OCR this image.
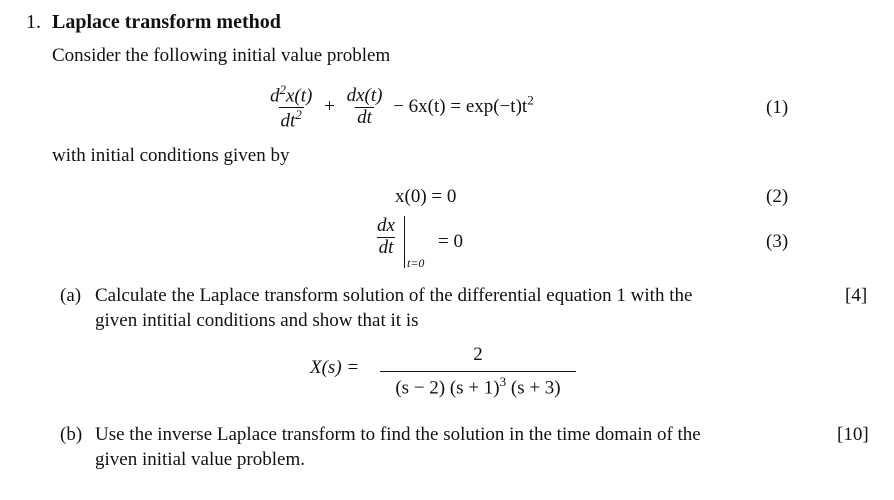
1. Laplace transform method
Consider the following initial value problem
$\frac{d^2x(t)}{dt^2} + \frac{dx(t)}{dt} - 6x(t) = \exp(-t)t^2$	(1)
with initial conditions given by
x(0) = 0	(2)
$\frac{dx}{dt}$
t=0
= 0	(3)
(a) Calculate the Laplace transform solution of the differential equation 1 with the
given intitial conditions and show that it is
[4]
X(s) =
2
(s − 2) $(s + 1)^3$ (s + 3)
(b) Use the inverse Laplace transform to find the solution in the time domain of the
given initial value problem.
[10]
